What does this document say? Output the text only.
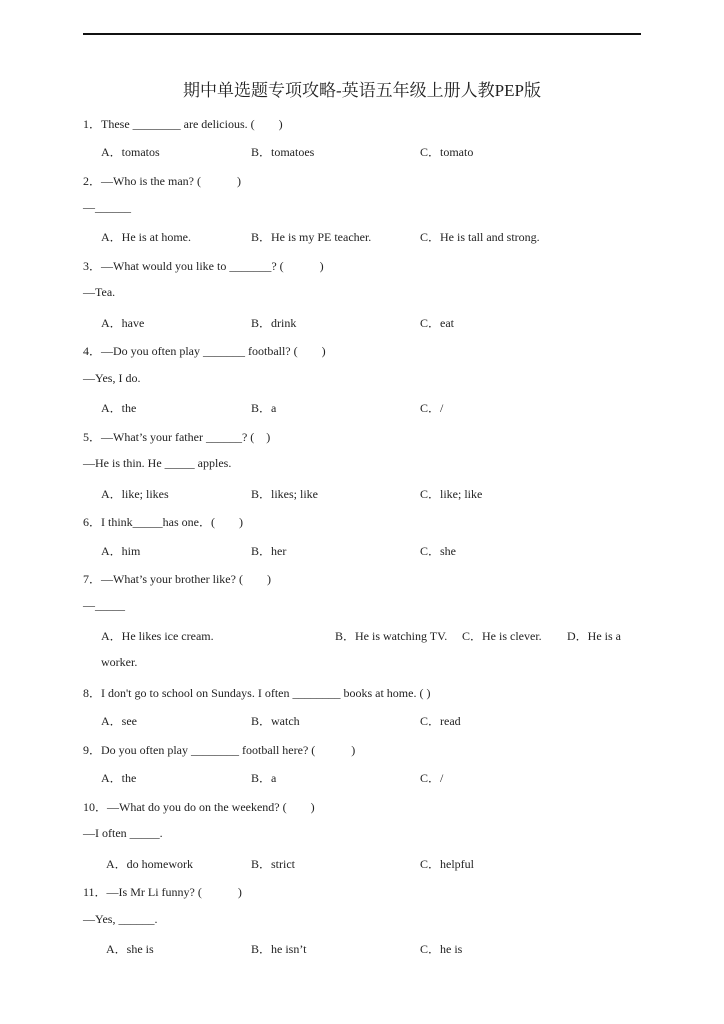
期中单选题专项攻略-英语五年级上册人教PEP版
1．These ________ are delicious. (　　)
A．tomatos	B．tomatoes	C．tomato
2．—Who is the man? (　　　)
—______
A．He is at home.	B．He is my PE teacher.	C．He is tall and strong.
3．—What would you like to _______? (　　　)
—Tea.
A．have	B．drink	C．eat
4．—Do you often play _______ football? (　　)
—Yes, I do.
A．the	B．a	C．/
5．—What’s your father ______? (　)
—He is thin. He _____ apples.
A．like; likes	B．likes; like	C．like; like
6．I think_____has one．(　　)
A．him	B．her	C．she
7．—What’s your brother like? (　　)
—_____
A．He likes ice cream.	B．He is watching TV. C．He is clever. D．He is a
worker.
8．I don't go to school on Sundays. I often ________ books at home. ( )
A．see	B．watch	C．read
9．Do you often play ________ football here? (　　　)
A．the	B．a	C．/
10．—What do you do on the weekend? (　　)
—I often _____.
A．do homework	B．strict	C．helpful
11．—Is Mr Li funny? (　　　)
—Yes, ______.
A．she is	B．he isn’t	C．he is
